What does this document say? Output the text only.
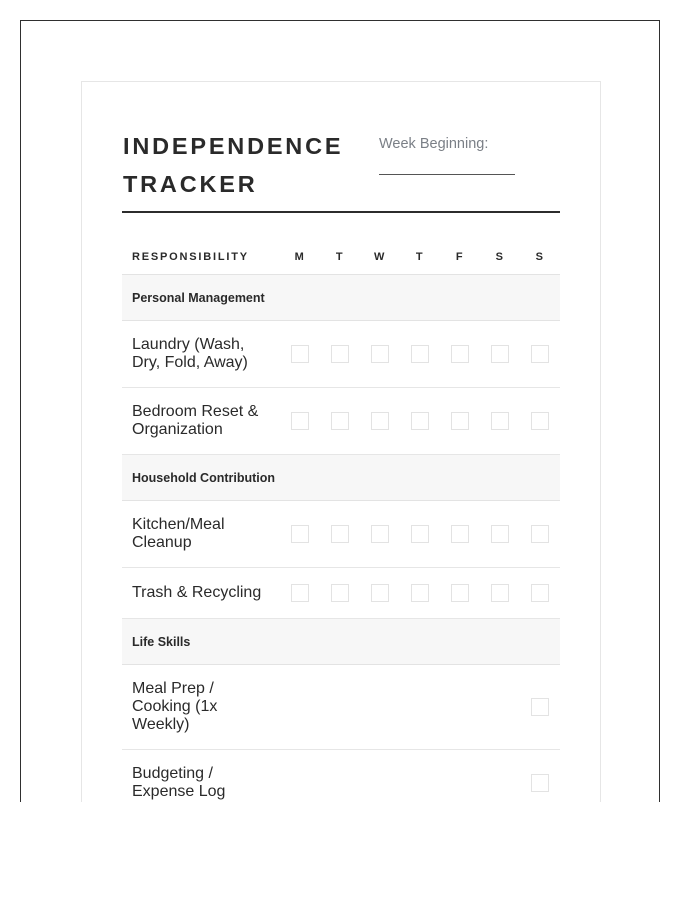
INDEPENDENCE
TRACKER
Week Beginning:
RESPONSIBILITY	M	T	W	T	F	S	S
Personal Management							
Laundry (Wash, Dry, Fold, Away)							
Bedroom Reset & Organization							
Household Contribution							
Kitchen/Meal Cleanup							
Trash & Recycling							
Life Skills							
Meal Prep / Cooking (1x Weekly)							
Budgeting / Expense Log							
